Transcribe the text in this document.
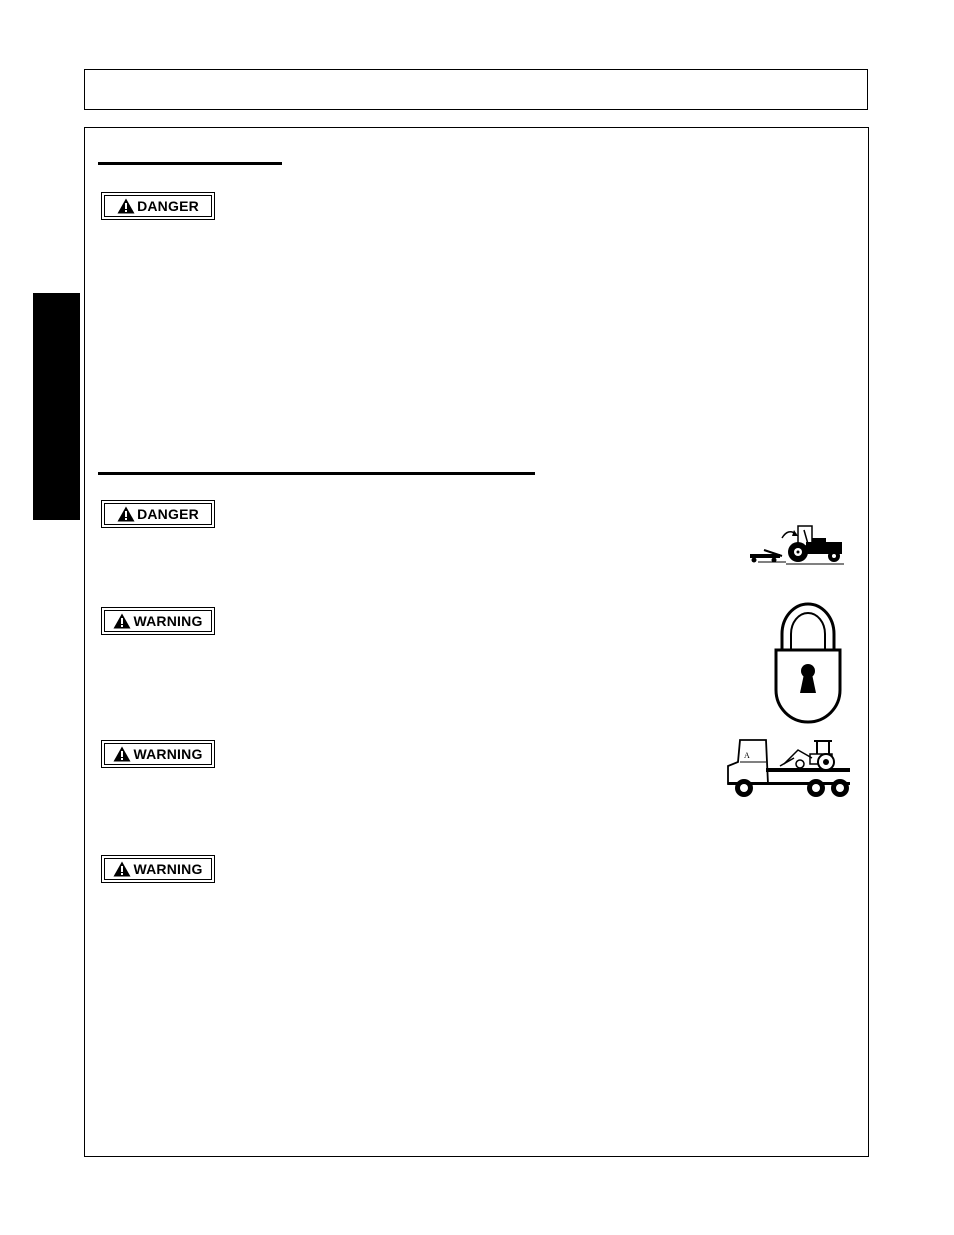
DANGER
DANGER
WARNING
WARNING
WARNING
A
